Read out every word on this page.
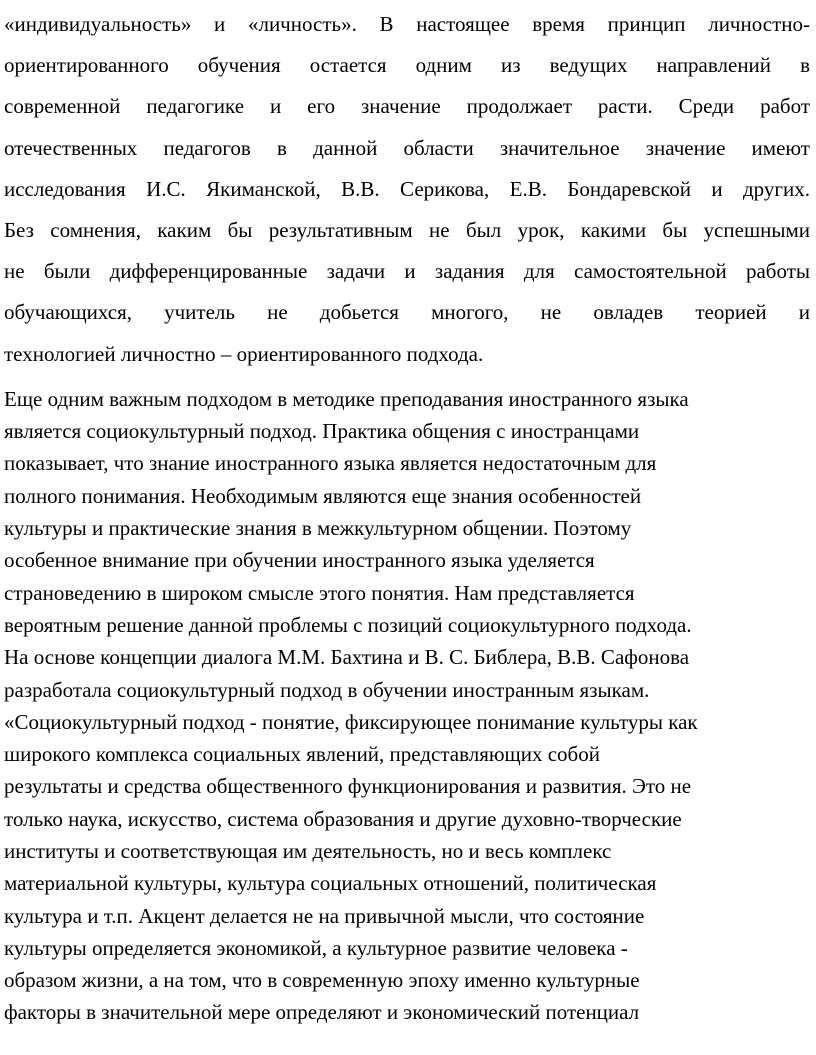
«индивидуальность» и «личность». В настоящее время принцип личностно-
ориентированного обучения остается одним из ведущих направлений в
современной педагогике и его значение продолжает расти. Среди работ
отечественных педагогов в данной области значительное значение имеют
исследования И.С. Якиманской, В.В. Серикова, Е.В. Бондаревской и других.
Без сомнения, каким бы результативным не был урок, какими бы успешными
не были дифференцированные задачи и задания для самостоятельной работы
обучающихся, учитель не добьется многого, не овладев теорией и
технологией личностно – ориентированного подхода.
Еще одним важным подходом в методике преподавания иностранного языка
является социокультурный подход. Практика общения с иностранцами
показывает, что знание иностранного языка является недостаточным для
полного понимания. Необходимым являются еще знания особенностей
культуры и практические знания в межкультурном общении. Поэтому
особенное внимание при обучении иностранного языка уделяется
страноведению в широком смысле этого понятия. Нам представляется
вероятным решение данной проблемы с позиций социокультурного подхода.
На основе концепции диалога М.М. Бахтина и В. С. Библера, В.В. Сафонова
разработала социокультурный подход в обучении иностранным языкам.
«Социокультурный подход - понятие, фиксирующее понимание культуры как
широкого комплекса социальных явлений, представляющих собой
результаты и средства общественного функционирования и развития. Это не
только наука, искусство, система образования и другие духовно-творческие
институты и соответствующая им деятельность, но и весь комплекс
материальной культуры, культура социальных отношений, политическая
культура и т.п. Акцент делается не на привычной мысли, что состояние
культуры определяется экономикой, а культурное развитие человека -
образом жизни, а на том, что в современную эпоху именно культурные
факторы в значительной мере определяют и экономический потенциал
